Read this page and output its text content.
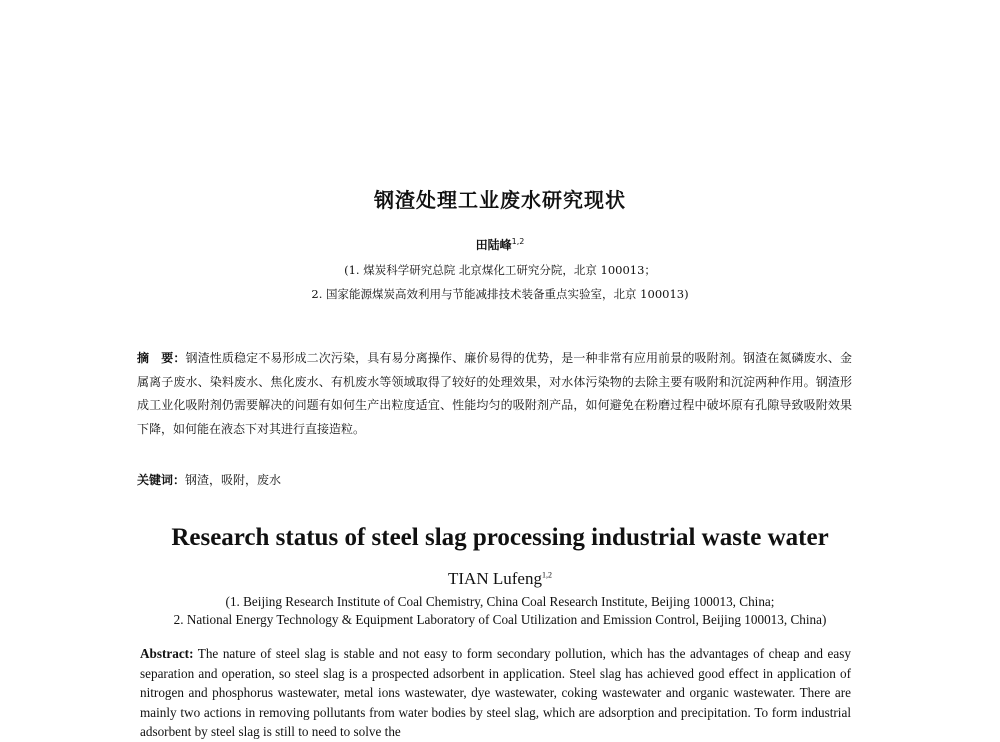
钢渣处理工业废水研究现状
田陆峰$^{1,2}$
(1. 煤炭科学研究总院 北京煤化工研究分院，北京 100013；
2. 国家能源煤炭高效利用与节能减排技术装备重点实验室，北京 100013)
摘　要：钢渣性质稳定不易形成二次污染，具有易分离操作、廉价易得的优势，是一种非常有应用前景的吸附剂。钢渣在氮磷废水、金属离子废水、染料废水、焦化废水、有机废水等领域取得了较好的处理效果，对水体污染物的去除主要有吸附和沉淀两种作用。钢渣形成工业化吸附剂仍需要解决的问题有如何生产出粒度适宜、性能均匀的吸附剂产品，如何避免在粉磨过程中破坏原有孔隙导致吸附效果下降，如何能在液态下对其进行直接造粒。
关键词：钢渣，吸附，废水
Research status of steel slag processing industrial waste water
TIAN Lufeng$^{1,2}$
(1. Beijing Research Institute of Coal Chemistry, China Coal Research Institute, Beijing 100013, China;
2. National Energy Technology & Equipment Laboratory of Coal Utilization and Emission Control, Beijing 100013, China)
Abstract: The nature of steel slag is stable and not easy to form secondary pollution, which has the advantages of cheap and easy separation and operation, so steel slag is a prospected adsorbent in application. Steel slag has achieved good effect in application of nitrogen and phosphorus wastewater, metal ions wastewater, dye wastewater, coking wastewater and organic wastewater. There are mainly two actions in removing pollutants from water bodies by steel slag, which are adsorption and precipitation. To form industrial adsorbent by steel slag is still to need to solve the
